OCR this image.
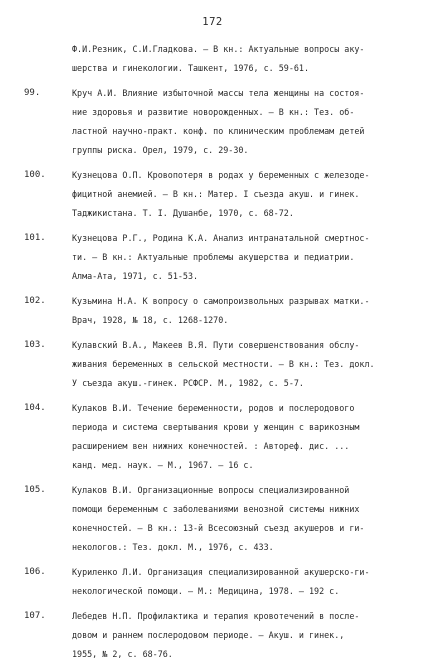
172
Ф.И.Резник, С.И.Гладкова. – В кн.: Актуальные вопросы аку-
шерства и гинекологии. Ташкент, 1976, с. 59-61.
99.	Круч А.И. Влияние избыточной массы тела женщины на состоя-
ние здоровья и развитие новорожденных. – В кн.: Тез. об-
ластной научно-практ. конф. по клиническим проблемам детей
группы риска. Орел, 1979, с. 29-30.
100.	Кузнецова О.П. Кровопотеря в родах у беременных с железоде-
фицитной анемией. – В кн.: Матер. I съезда акуш. и гинек.
Таджикистана. Т. I. Душанбе, 1970, с. 68-72.
101.	Кузнецова Р.Г., Родина К.А. Анализ интранатальной смертнос-
ти. – В кн.: Актуальные проблемы акушерства и педиатрии.
Алма-Ата, 1971, с. 51-53.
102.	Кузьмина Н.А. К вопросу о самопроизвольных разрывах матки.-
Врач, 1928, № 18, с. 1268-1270.
103.	Кулавский В.А., Макеев В.Я. Пути совершенствования обслу-
живания беременных в сельской местности. – В кн.: Тез. докл.
У съезда акуш.-гинек. РСФСР. М., 1982, с. 5-7.
104.	Кулаков В.И. Течение беременности, родов и послеродового
периода и система свертывания крови у женщин с варикозным
расширением вен нижних конечностей. : Автореф. дис. ...
канд. мед. наук. – М., 1967. – 16 с.
105.	Кулаков В.И. Организационные вопросы специализированной
помощи беременным с заболеваниями венозной системы нижних
конечностей. – В кн.: 13-й Всесоюзный съезд акушеров и ги-
некологов.: Тез. докл. М., 1976, с. 433.
106.	Куриленко Л.И. Организация специализированной акушерско-ги-
некологической помощи. – М.: Медицина, 1978. – 192 с.
107.	Лебедев Н.П. Профилактика и терапия кровотечений в после-
довом и раннем послеродовом периоде. – Акуш. и гинек.,
1955, № 2, с. 68-76.
